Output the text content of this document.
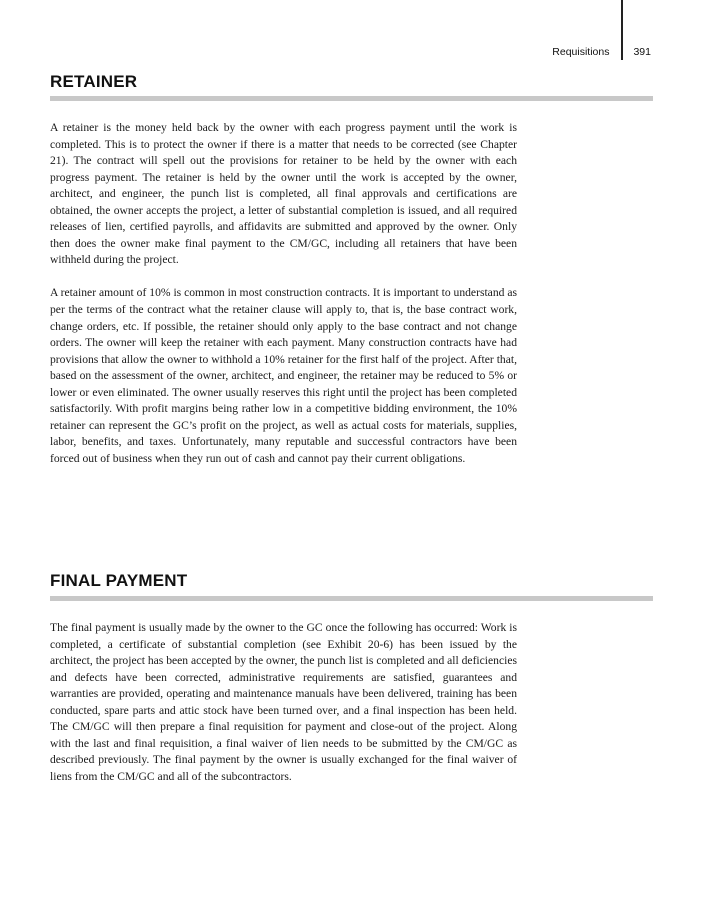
Requisitions 391
RETAINER

A retainer is the money held back by the owner with each progress payment until the work is completed. This is to protect the owner if there is a matter that needs to be corrected (see Chapter 21). The contract will spell out the provisions for retainer to be held by the owner with each progress payment. The retainer is held by the owner until the work is accepted by the owner, architect, and engineer, the punch list is completed, all final approvals and certifications are obtained, the owner accepts the project, a letter of substantial completion is issued, and all required releases of lien, certified payrolls, and affidavits are submitted and approved by the owner. Only then does the owner make final payment to the CM/GC, including all retainers that have been withheld during the project.

A retainer amount of 10% is common in most construction contracts. It is important to understand as per the terms of the contract what the retainer clause will apply to, that is, the base contract work, change orders, etc. If possible, the retainer should only apply to the base contract and not change orders. The owner will keep the retainer with each payment. Many construction contracts have had provisions that allow the owner to withhold a 10% retainer for the first half of the project. After that, based on the assessment of the owner, architect, and engineer, the retainer may be reduced to 5% or lower or even eliminated. The owner usually reserves this right until the project has been completed satisfactorily. With profit margins being rather low in a competitive bidding environment, the 10% retainer can represent the GC’s profit on the project, as well as actual costs for materials, supplies, labor, benefits, and taxes. Unfortunately, many reputable and successful contractors have been forced out of business when they run out of cash and cannot pay their current obligations.

FINAL PAYMENT

The final payment is usually made by the owner to the GC once the following has occurred: Work is completed, a certificate of substantial completion (see Exhibit 20-6) has been issued by the architect, the project has been accepted by the owner, the punch list is completed and all deficiencies and defects have been corrected, administrative requirements are satisfied, guarantees and warranties are provided, operating and maintenance manuals have been delivered, training has been conducted, spare parts and attic stock have been turned over, and a final inspection has been held. The CM/GC will then prepare a final requisition for payment and close-out of the project. Along with the last and final requisition, a final waiver of lien needs to be submitted by the CM/GC as described previously. The final payment by the owner is usually exchanged for the final waiver of liens from the CM/GC and all of the subcontractors.
